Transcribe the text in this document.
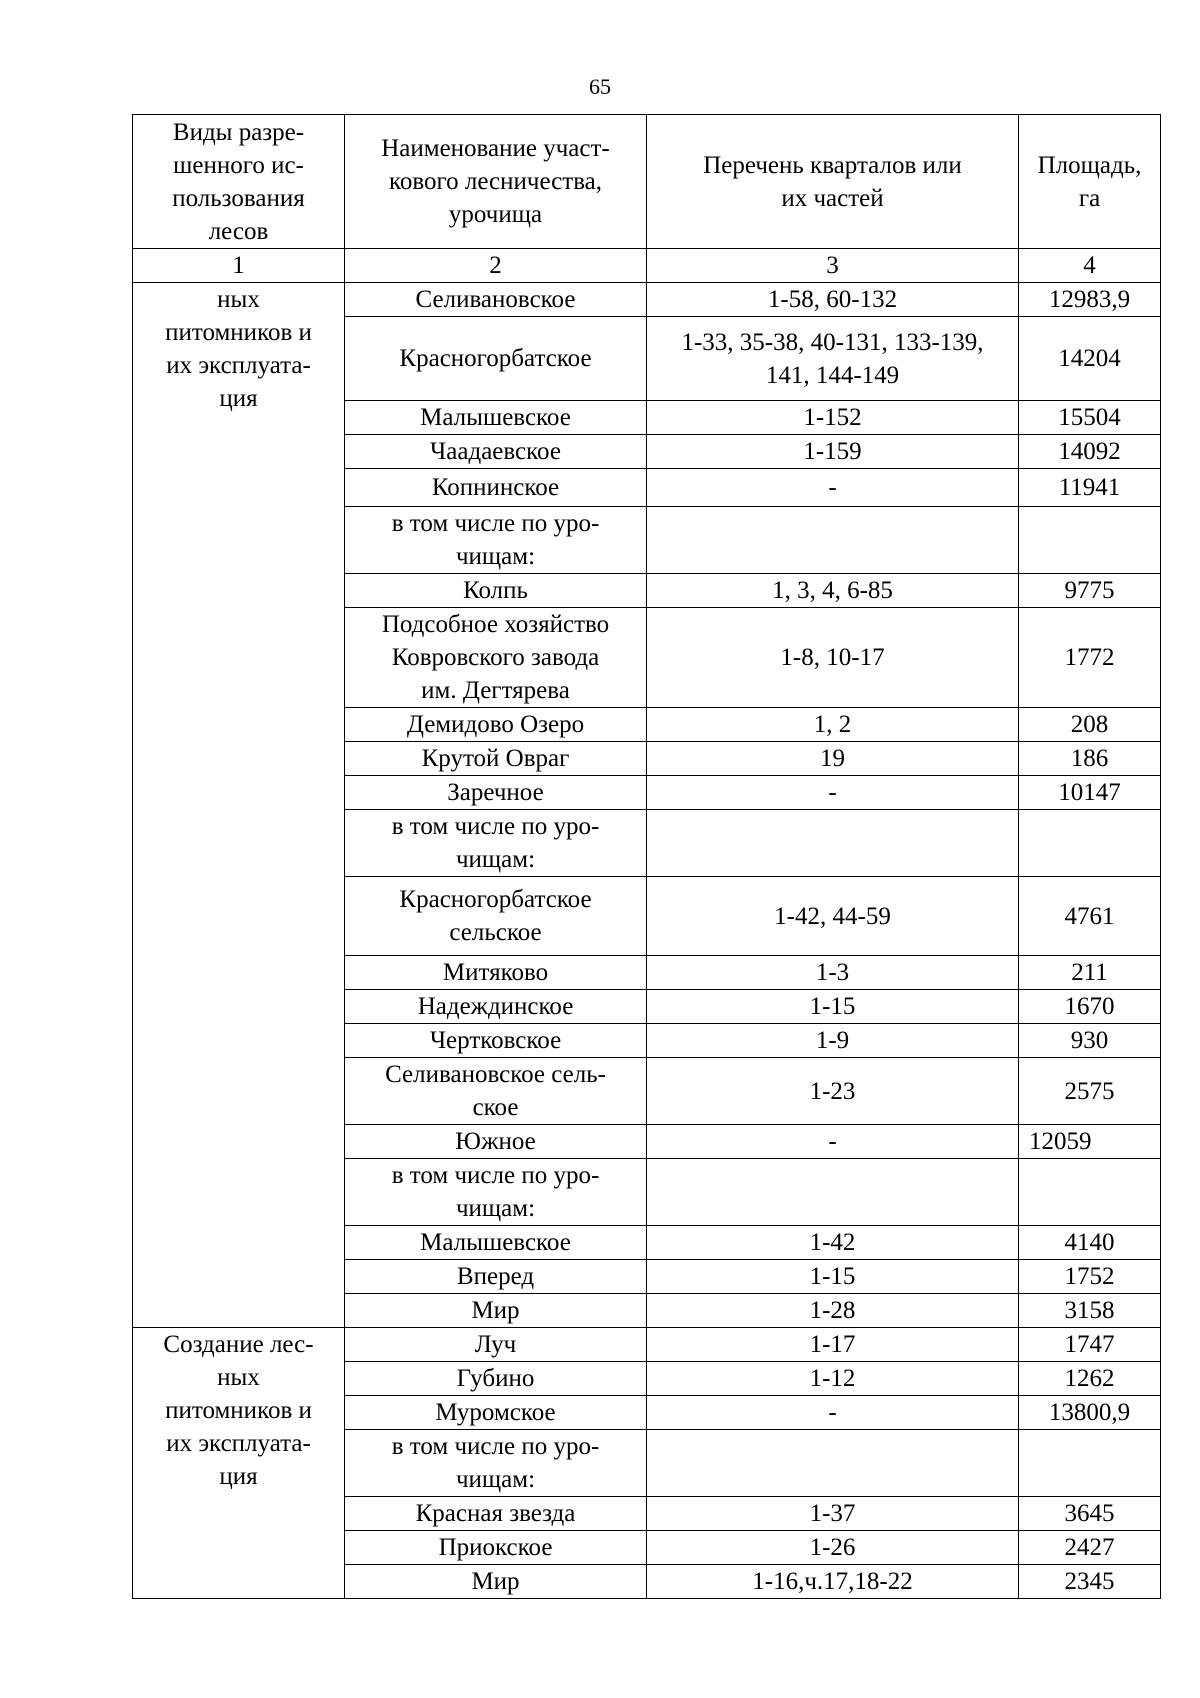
65
Виды разре-
шенного ис-
пользования
лесов	Наименование участ-
кового лесничества,
урочища	Перечень кварталов или
их частей	Площадь,
га
1	2	3	4
ных
питомников и
их эксплуата-
ция	Селивановское	1-58, 60-132	12983,9
	Красногорбатское	1-33, 35-38, 40-131, 133-139,
141, 144-149	14204
	Малышевское	1-152	15504
	Чаадаевское	1-159	14092
	Копнинское	-	11941
	в том числе по уро-
чищам:		
	Колпь	1, 3, 4, 6-85	9775
	Подсобное хозяйство
Ковровского завода
им. Дегтярева	1-8, 10-17	1772
	Демидово Озеро	1, 2	208
	Крутой Овраг	19	186
	Заречное	-	10147
	в том числе по уро-
чищам:		
	Красногорбатское
сельское	1-42, 44-59	4761
	Митяково	1-3	211
	Надеждинское	1-15	1670
	Чертковское	1-9	930
	Селивановское сель-
ское	1-23	2575
	Южное	-	12059
	в том числе по уро-
чищам:		
	Малышевское	1-42	4140
	Вперед	1-15	1752
	Мир	1-28	3158
Создание лес-
ных
питомников и
их эксплуата-
ция	Луч	1-17	1747
	Губино	1-12	1262
	Муромское	-	13800,9
	в том числе по уро-
чищам:		
	Красная звезда	1-37	3645
	Приокское	1-26	2427
	Мир	1-16,ч.17,18-22	2345
